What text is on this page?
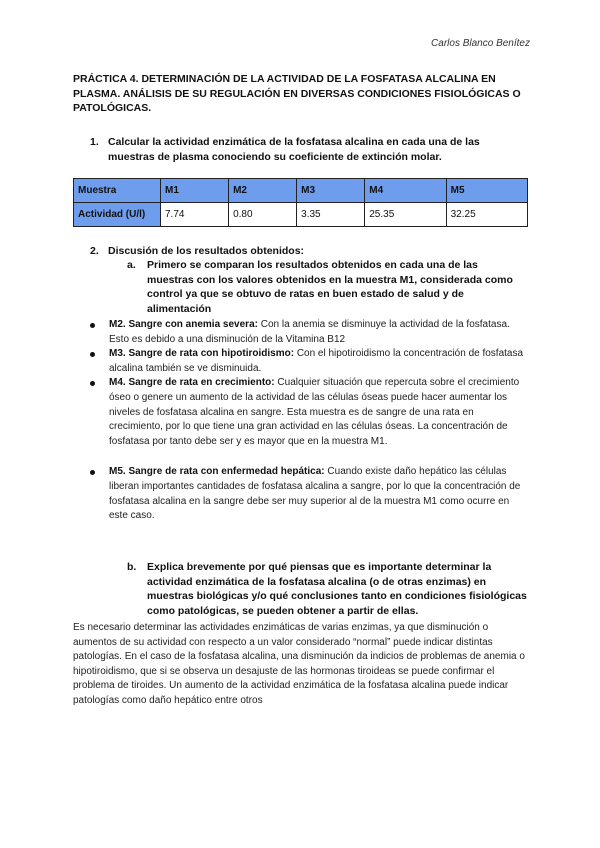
Carlos Blanco Benítez
PRÁCTICA 4. DETERMINACIÓN DE LA ACTIVIDAD DE LA FOSFATASA ALCALINA EN PLASMA. ANÁLISIS DE SU REGULACIÓN EN DIVERSAS CONDICIONES FISIOLÓGICAS O PATOLÓGICAS.
1. Calcular la actividad enzimática de la fosfatasa alcalina en cada una de las muestras de plasma conociendo su coeficiente de extinción molar.
Muestra	M1	M2	M3	M4	M5
Actividad (U/l)	7.74	0.80	3.35	25.35	32.25
2. Discusión de los resultados obtenidos:
a. Primero se comparan los resultados obtenidos en cada una de las muestras con los valores obtenidos en la muestra M1, considerada como control ya que se obtuvo de ratas en buen estado de salud y de alimentación
M2. Sangre con anemia severa: Con la anemia se disminuye la actividad de la fosfatasa. Esto es debido a una disminución de la Vitamina B12
M3. Sangre de rata con hipotiroidismo: Con el hipotiroidismo la concentración de fosfatasa alcalina también se ve disminuida.
M4. Sangre de rata en crecimiento: Cualquier situación que repercuta sobre el crecimiento óseo o genere un aumento de la actividad de las células óseas puede hacer aumentar los niveles de fosfatasa alcalina en sangre. Esta muestra es de sangre de una rata en crecimiento, por lo que tiene una gran actividad en las células óseas. La concentración de fosfatasa por tanto debe ser y es mayor que en la muestra M1.
M5. Sangre de rata con enfermedad hepática: Cuando existe daño hepático las células liberan importantes cantidades de fosfatasa alcalina a sangre, por lo que la concentración de fosfatasa alcalina en la sangre debe ser muy superior al de la muestra M1 como ocurre en este caso.
b. Explica brevemente por qué piensas que es importante determinar la actividad enzimática de la fosfatasa alcalina (o de otras enzimas) en muestras biológicas y/o qué conclusiones tanto en condiciones fisiológicas como patológicas, se pueden obtener a partir de ellas.
Es necesario determinar las actividades enzimáticas de varias enzimas, ya que disminución o aumentos de su actividad con respecto a un valor considerado “normal” puede indicar distintas patologías. En el caso de la fosfatasa alcalina, una disminución da indicios de problemas de anemia o hipotiroidismo, que si se observa un desajuste de las hormonas tiroideas se puede confirmar el problema de tiroides. Un aumento de la actividad enzimática de la fosfatasa alcalina puede indicar patologías como daño hepático entre otros
